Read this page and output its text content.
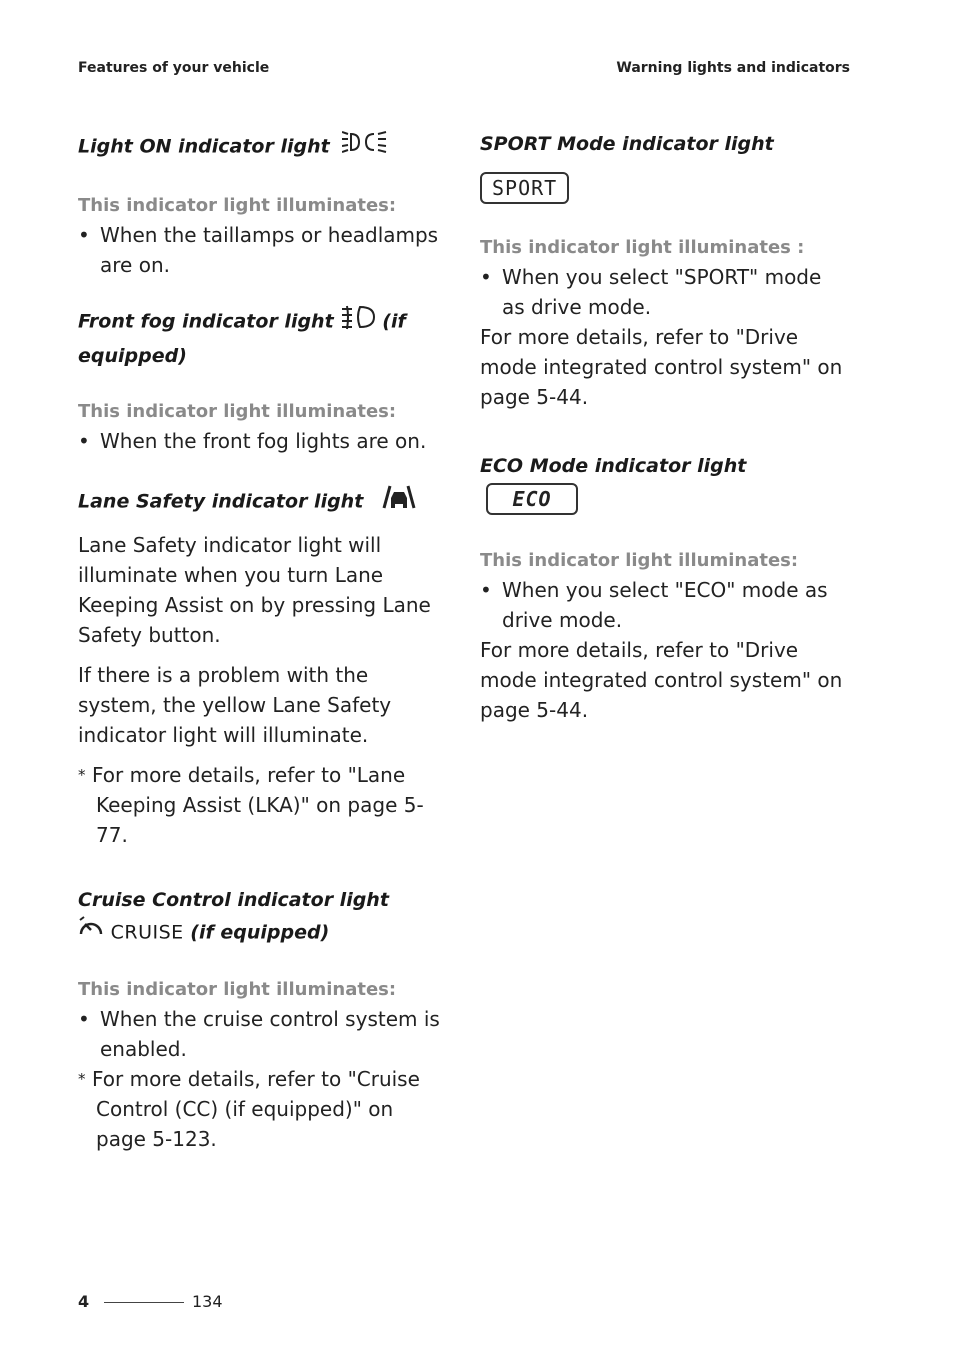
Features of your vehicle	Warning lights and indicators

Light ON indicator light

This indicator light illuminates:

• When the taillamps or headlamps are on.

Front fog indicator light	(if equipped)

This indicator light illuminates:

• When the front fog lights are on.

Lane Safety indicator light

Lane Safety indicator light will illuminate when you turn Lane Keeping Assist on by pressing Lane Safety button.

If there is a problem with the system, the yellow Lane Safety indicator light will illuminate.

* For more details, refer to "Lane Keeping Assist (LKA)" on page 5-77.

Cruise Control indicator light

CRUISE (if equipped)

This indicator light illuminates:

• When the cruise control system is enabled.

* For more details, refer to "Cruise Control (CC) (if equipped)" on page 5-123.

SPORT Mode indicator light

SPORT

This indicator light illuminates :

• When you select "SPORT" mode as drive mode.

For more details, refer to "Drive mode integrated control system" on page 5-44.

ECO Mode indicator light ECO

This indicator light illuminates:

• When you select "ECO" mode as drive mode.

For more details, refer to "Drive mode integrated control system" on page 5-44.

4	134
